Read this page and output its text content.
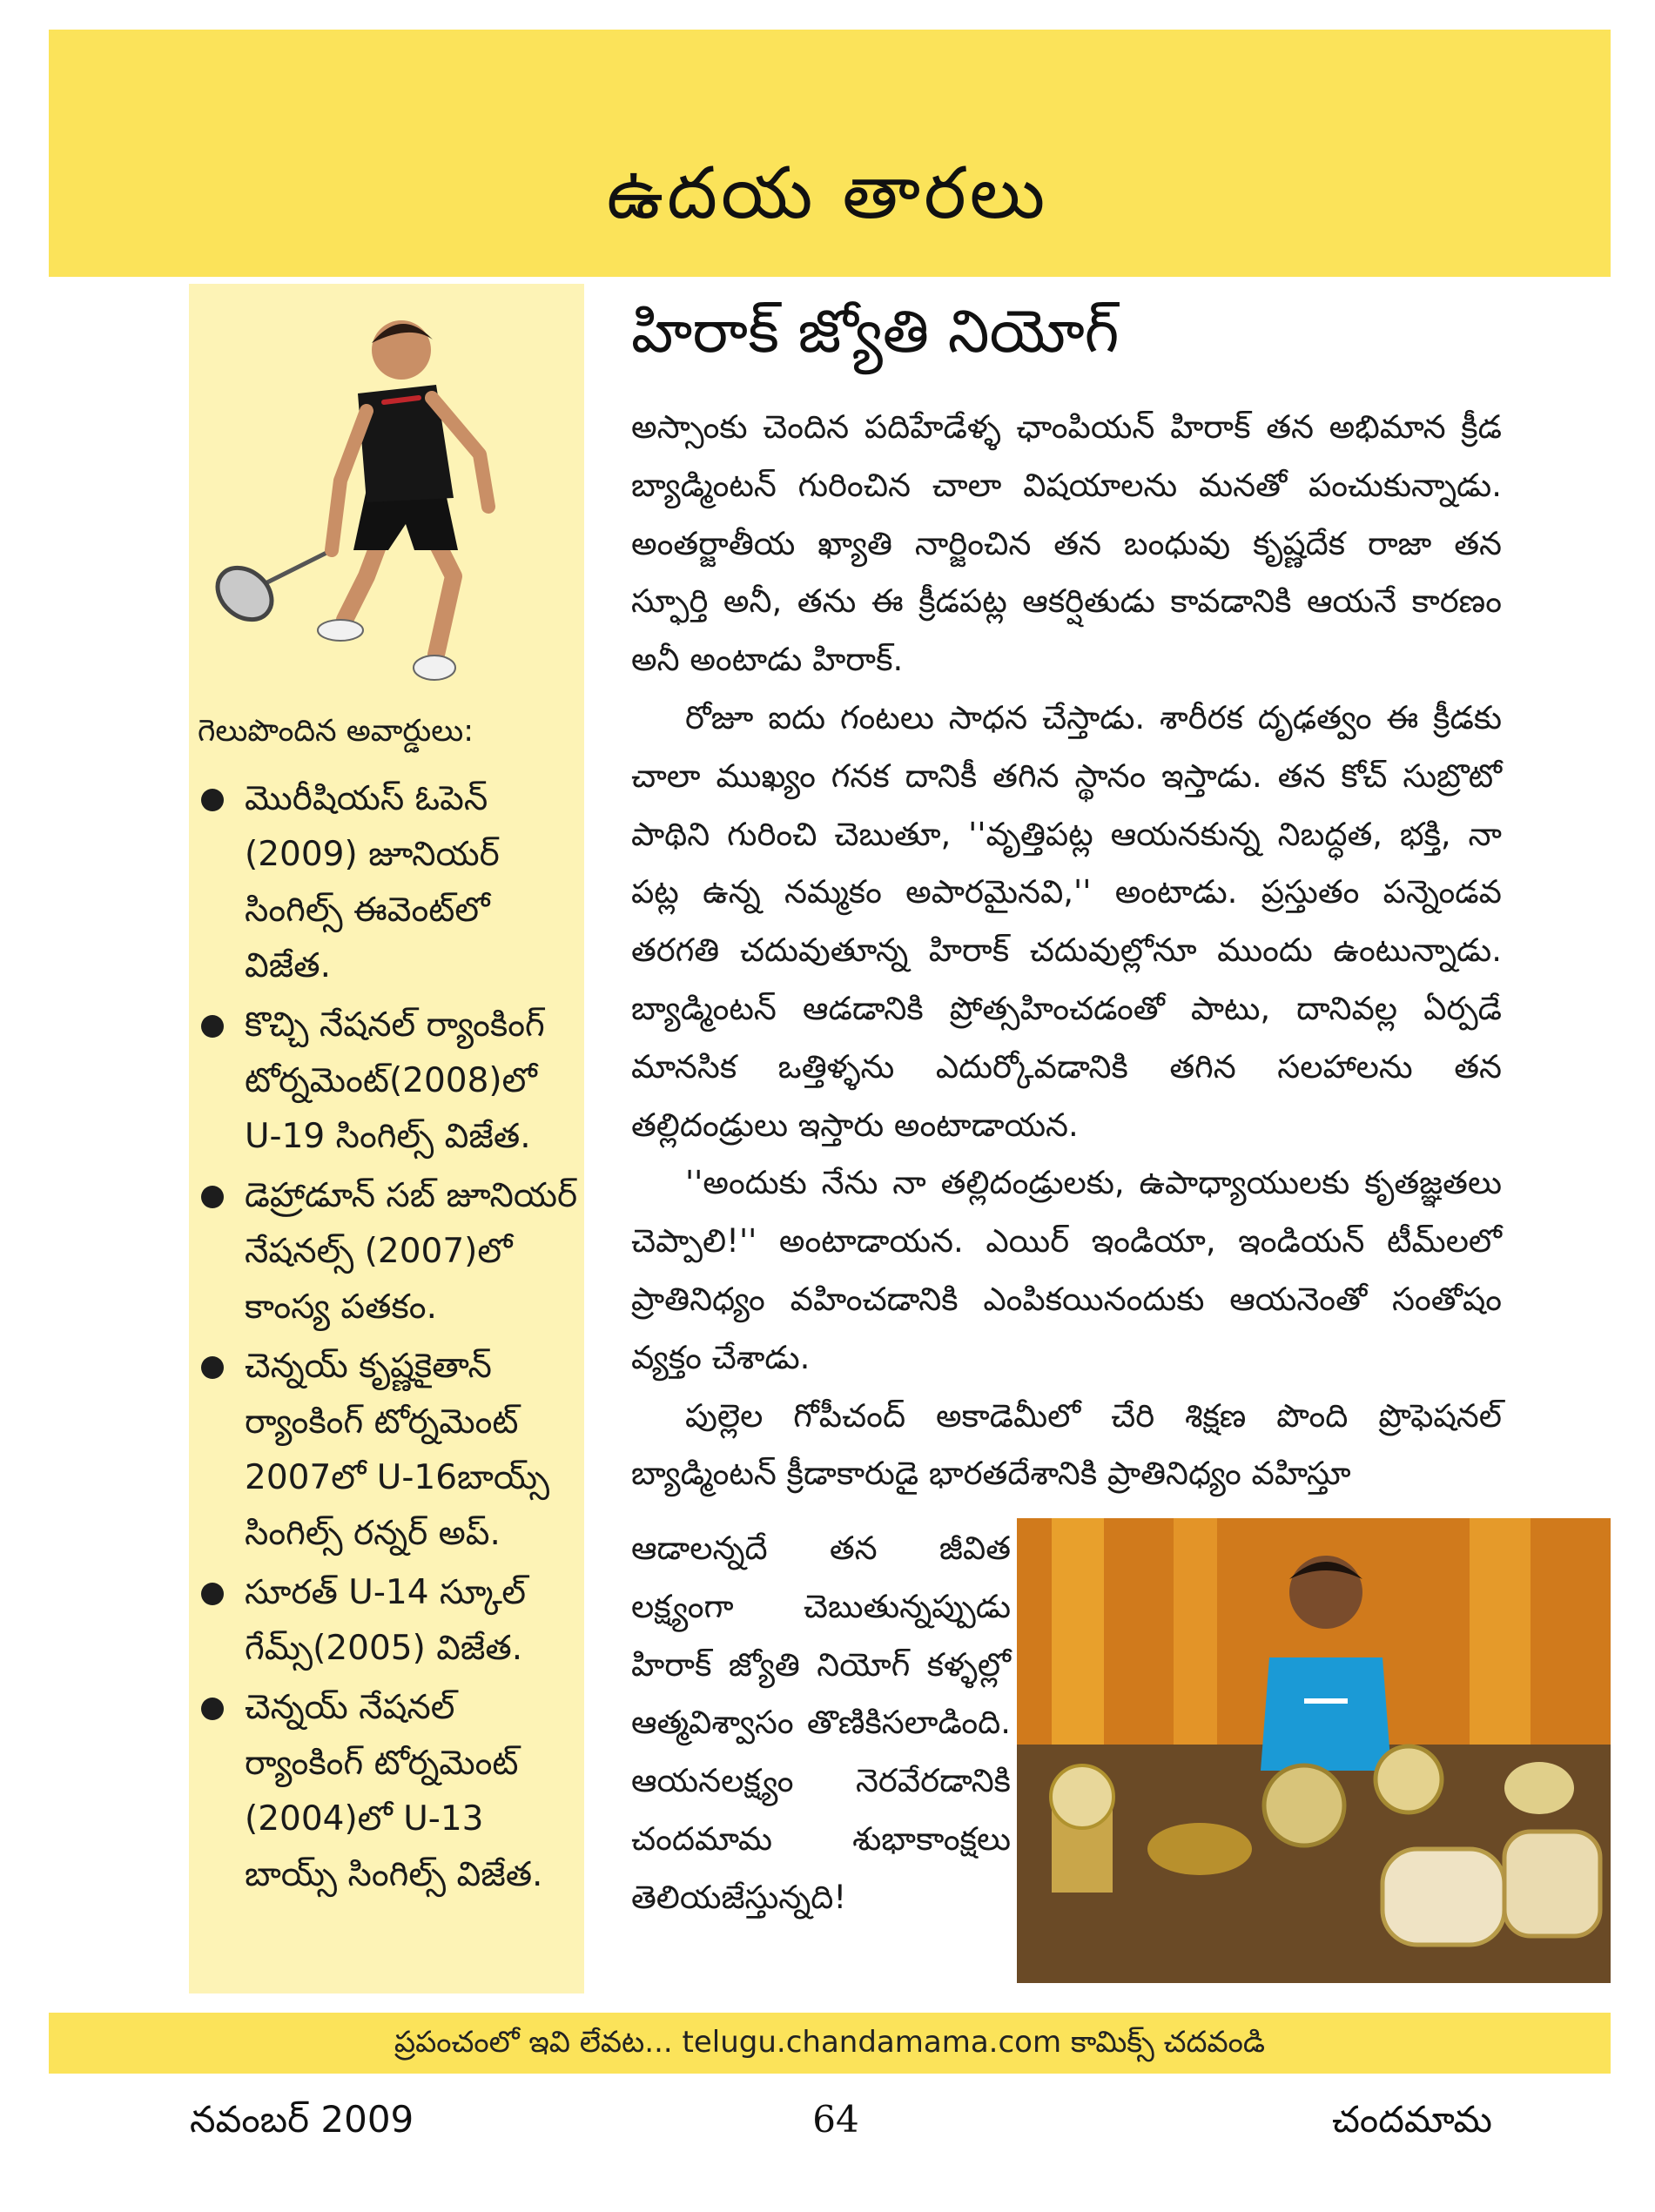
ఉదయ తారలు
గెలుపొందిన అవార్డులు:
మొరీషియస్ ఓపెన్ (2009) జూనియర్ సింగిల్స్ ఈవెంట్‌లో విజేత.
కొచ్చి నేషనల్ ర్యాంకింగ్ టోర్నమెంట్(2008)లో U-19 సింగిల్స్ విజేత.
డెహ్రాడూన్ సబ్ జూనియర్ నేషనల్స్ (2007)లో కాంస్య పతకం.
చెన్నయ్ కృష్ణకైతాన్ ర్యాంకింగ్ టోర్నమెంట్ 2007లో U-16బాయ్స్ సింగిల్స్ రన్నర్ అప్.
సూరత్ U-14 స్కూల్ గేమ్స్(2005) విజేత.
చెన్నయ్ నేషనల్ ర్యాంకింగ్ టోర్నమెంట్ (2004)లో U-13 బాయ్స్ సింగిల్స్ విజేత.
హిరాక్ జ్యోతి నియోగ్

అస్సాంకు చెందిన పదిహేడేళ్ళ ఛాంపియన్ హిరాక్ తన అభిమాన క్రీడ బ్యాడ్మింటన్ గురించిన చాలా విషయాలను మనతో పంచుకున్నాడు. అంతర్జాతీయ ఖ్యాతి నార్జించిన తన బంధువు కృష్ణదేక రాజా తన స్ఫూర్తి అనీ, తను ఈ క్రీడపట్ల ఆకర్షితుడు కావడానికి ఆయనే కారణం అనీ అంటాడు హిరాక్.

రోజూ ఐదు గంటలు సాధన చేస్తాడు. శారీరక దృఢత్వం ఈ క్రీడకు చాలా ముఖ్యం గనక దానికీ తగిన స్థానం ఇస్తాడు. తన కోచ్ సుబ్రొటో పాథిని గురించి చెబుతూ, ''వృత్తిపట్ల ఆయనకున్న నిబద్ధత, భక్తి, నా పట్ల ఉన్న నమ్మకం అపారమైనవి,'' అంటాడు. ప్రస్తుతం పన్నెండవ తరగతి చదువుతూన్న హిరాక్ చదువుల్లోనూ ముందు ఉంటున్నాడు. బ్యాడ్మింటన్ ఆడడానికి ప్రోత్సహించడంతో పాటు, దానివల్ల ఏర్పడే మానసిక ఒత్తిళ్ళను ఎదుర్కోవడానికి తగిన సలహాలను తన తల్లిదండ్రులు ఇస్తారు అంటాడాయన.

''అందుకు నేను నా తల్లిదండ్రులకు, ఉపాధ్యాయులకు కృతజ్ఞతలు చెప్పాలి!'' అంటాడాయన. ఎయిర్ ఇండియా, ఇండియన్ టీమ్‌లలో ప్రాతినిధ్యం వహించడానికి ఎంపికయినందుకు ఆయనెంతో సంతోషం వ్యక్తం చేశాడు.

పుల్లెల గోపీచంద్ అకాడెమీలో చేరి శిక్షణ పొంది ప్రొఫెషనల్ బ్యాడ్మింటన్ క్రీడాకారుడై భారతదేశానికి ప్రాతినిధ్యం వహిస్తూ

ఆడాలన్నదే తన జీవిత లక్ష్యంగా చెబుతున్నప్పుడు హిరాక్ జ్యోతి నియోగ్ కళ్ళల్లో ఆత్మవిశ్వాసం తొణికిసలాడింది. ఆయనలక్ష్యం నెరవేరడానికి చందమామ శుభాకాంక్షలు తెలియజేస్తున్నది!
ప్రపంచంలో ఇవి లేవట... telugu.chandamama.com కామిక్స్ చదవండి
నవంబర్ 2009	64	చందమామ
